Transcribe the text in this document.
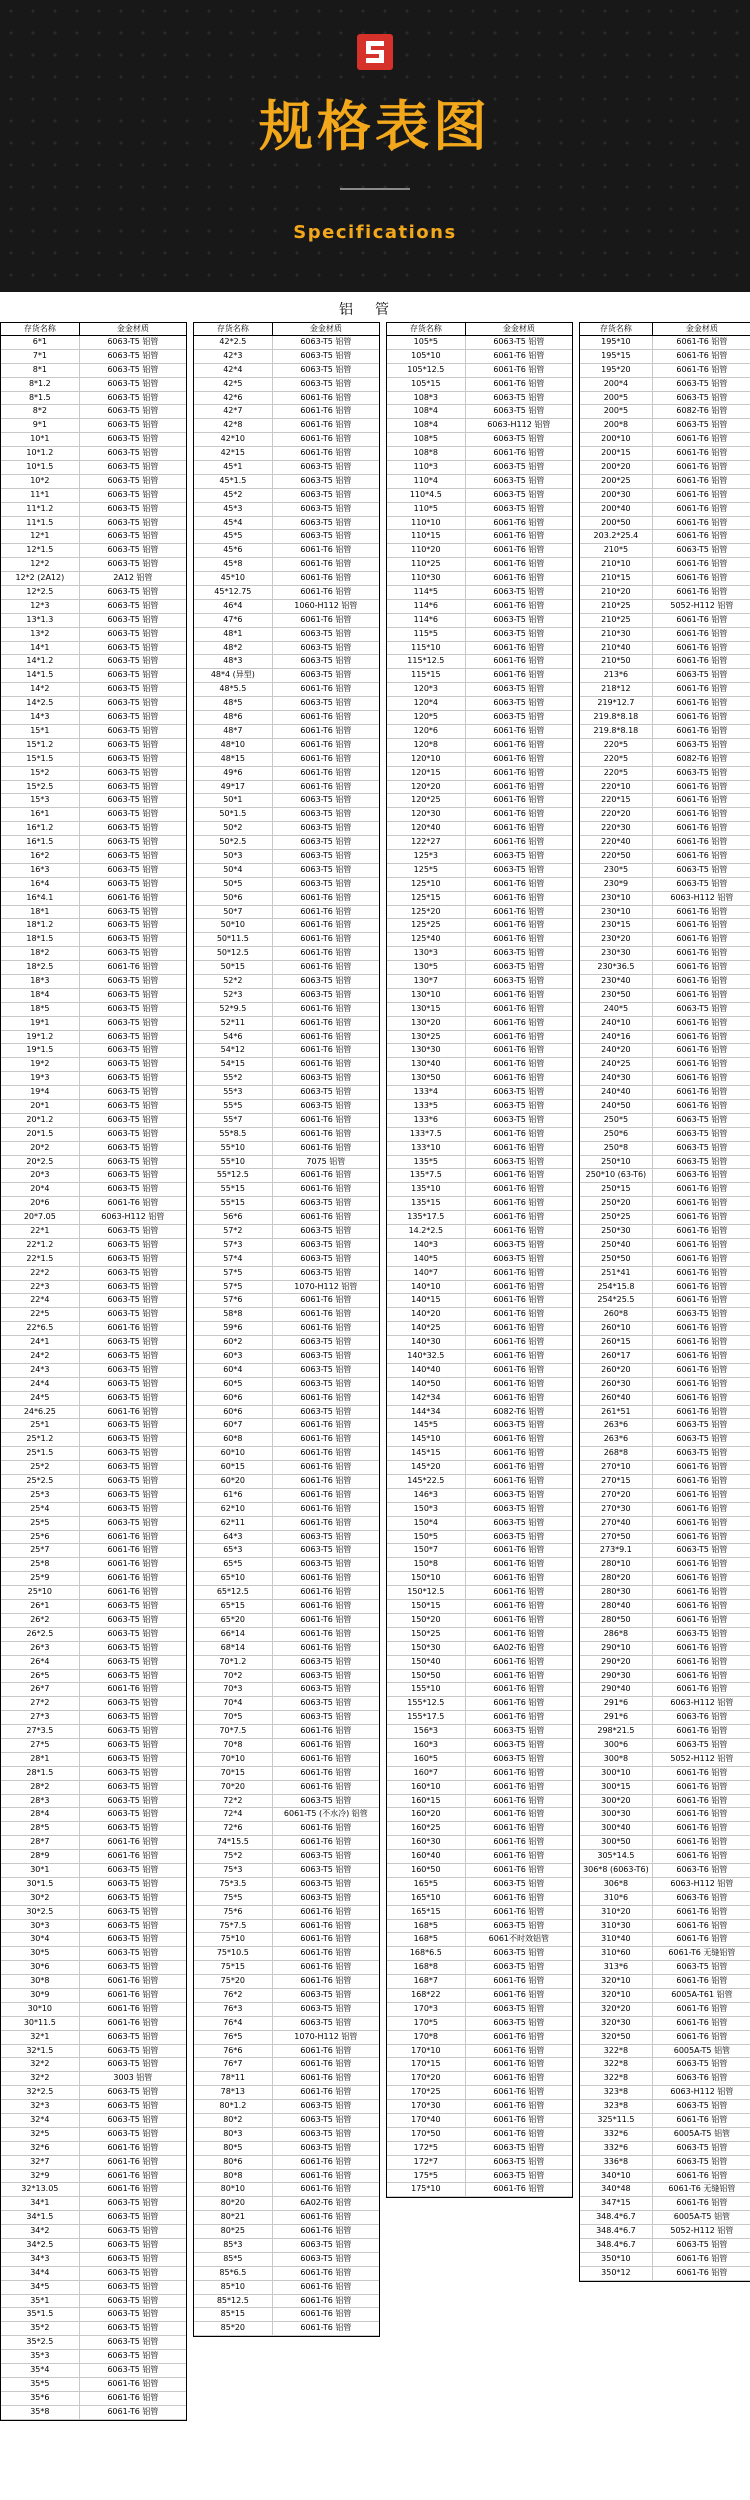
规格表图
Specifications
铝管
存货名称	金金材质
6*1	6063-T5 铝管
7*1	6063-T5 铝管
8*1	6063-T5 铝管
8*1.2	6063-T5 铝管
8*1.5	6063-T5 铝管
8*2	6063-T5 铝管
9*1	6063-T5 铝管
10*1	6063-T5 铝管
10*1.2	6063-T5 铝管
10*1.5	6063-T5 铝管
10*2	6063-T5 铝管
11*1	6063-T5 铝管
11*1.2	6063-T5 铝管
11*1.5	6063-T5 铝管
12*1	6063-T5 铝管
12*1.5	6063-T5 铝管
12*2	6063-T5 铝管
12*2 (2A12)	2A12 铝管
12*2.5	6063-T5 铝管
12*3	6063-T5 铝管
13*1.3	6063-T5 铝管
13*2	6063-T5 铝管
14*1	6063-T5 铝管
14*1.2	6063-T5 铝管
14*1.5	6063-T5 铝管
14*2	6063-T5 铝管
14*2.5	6063-T5 铝管
14*3	6063-T5 铝管
15*1	6063-T5 铝管
15*1.2	6063-T5 铝管
15*1.5	6063-T5 铝管
15*2	6063-T5 铝管
15*2.5	6063-T5 铝管
15*3	6063-T5 铝管
16*1	6063-T5 铝管
16*1.2	6063-T5 铝管
16*1.5	6063-T5 铝管
16*2	6063-T5 铝管
16*3	6063-T5 铝管
16*4	6063-T5 铝管
16*4.1	6061-T6 铝管
18*1	6063-T5 铝管
18*1.2	6063-T5 铝管
18*1.5	6063-T5 铝管
18*2	6063-T5 铝管
18*2.5	6061-T6 铝管
18*3	6063-T5 铝管
18*4	6063-T5 铝管
18*5	6063-T5 铝管
19*1	6063-T5 铝管
19*1.2	6063-T5 铝管
19*1.5	6063-T5 铝管
19*2	6063-T5 铝管
19*3	6063-T5 铝管
19*4	6063-T5 铝管
20*1	6063-T5 铝管
20*1.2	6063-T5 铝管
20*1.5	6063-T5 铝管
20*2	6063-T5 铝管
20*2.5	6063-T5 铝管
20*3	6063-T5 铝管
20*4	6063-T5 铝管
20*6	6061-T6 铝管
20*7.05	6063-H112 铝管
22*1	6063-T5 铝管
22*1.2	6063-T5 铝管
22*1.5	6063-T5 铝管
22*2	6063-T5 铝管
22*3	6063-T5 铝管
22*4	6063-T5 铝管
22*5	6063-T5 铝管
22*6.5	6061-T6 铝管
24*1	6063-T5 铝管
24*2	6063-T5 铝管
24*3	6063-T5 铝管
24*4	6063-T5 铝管
24*5	6063-T5 铝管
24*6.25	6061-T6 铝管
25*1	6063-T5 铝管
25*1.2	6063-T5 铝管
25*1.5	6063-T5 铝管
25*2	6063-T5 铝管
25*2.5	6063-T5 铝管
25*3	6063-T5 铝管
25*4	6063-T5 铝管
25*5	6063-T5 铝管
25*6	6061-T6 铝管
25*7	6061-T6 铝管
25*8	6061-T6 铝管
25*9	6061-T6 铝管
25*10	6061-T6 铝管
26*1	6063-T5 铝管
26*2	6063-T5 铝管
26*2.5	6063-T5 铝管
26*3	6063-T5 铝管
26*4	6063-T5 铝管
26*5	6063-T5 铝管
26*7	6061-T6 铝管
27*2	6063-T5 铝管
27*3	6063-T5 铝管
27*3.5	6063-T5 铝管
27*5	6063-T5 铝管
28*1	6063-T5 铝管
28*1.5	6063-T5 铝管
28*2	6063-T5 铝管
28*3	6063-T5 铝管
28*4	6063-T5 铝管
28*5	6063-T5 铝管
28*7	6061-T6 铝管
28*9	6061-T6 铝管
30*1	6063-T5 铝管
30*1.5	6063-T5 铝管
30*2	6063-T5 铝管
30*2.5	6063-T5 铝管
30*3	6063-T5 铝管
30*4	6063-T5 铝管
30*5	6063-T5 铝管
30*6	6063-T5 铝管
30*8	6061-T6 铝管
30*9	6061-T6 铝管
30*10	6061-T6 铝管
30*11.5	6061-T6 铝管
32*1	6063-T5 铝管
32*1.5	6063-T5 铝管
32*2	6063-T5 铝管
32*2	3003 铝管
32*2.5	6063-T5 铝管
32*3	6063-T5 铝管
32*4	6063-T5 铝管
32*5	6063-T5 铝管
32*6	6061-T6 铝管
32*7	6061-T6 铝管
32*9	6061-T6 铝管
32*13.05	6061-T6 铝管
34*1	6063-T5 铝管
34*1.5	6063-T5 铝管
34*2	6063-T5 铝管
34*2.5	6063-T5 铝管
34*3	6063-T5 铝管
34*4	6063-T5 铝管
34*5	6063-T5 铝管
35*1	6063-T5 铝管
35*1.5	6063-T5 铝管
35*2	6063-T5 铝管
35*2.5	6063-T5 铝管
35*3	6063-T5 铝管
35*4	6063-T5 铝管
35*5	6061-T6 铝管
35*6	6061-T6 铝管
35*8	6061-T6 铝管
存货名称	金金材质
42*2.5	6063-T5 铝管
42*3	6063-T5 铝管
42*4	6063-T5 铝管
42*5	6063-T5 铝管
42*6	6061-T6 铝管
42*7	6061-T6 铝管
42*8	6061-T6 铝管
42*10	6061-T6 铝管
42*15	6061-T6 铝管
45*1	6063-T5 铝管
45*1.5	6063-T5 铝管
45*2	6063-T5 铝管
45*3	6063-T5 铝管
45*4	6063-T5 铝管
45*5	6063-T5 铝管
45*6	6061-T6 铝管
45*8	6061-T6 铝管
45*10	6061-T6 铝管
45*12.75	6061-T6 铝管
46*4	1060-H112 铝管
47*6	6061-T6 铝管
48*1	6063-T5 铝管
48*2	6063-T5 铝管
48*3	6063-T5 铝管
48*4 (异型)	6063-T5 铝管
48*5.5	6061-T6 铝管
48*5	6063-T5 铝管
48*6	6061-T6 铝管
48*7	6061-T6 铝管
48*10	6061-T6 铝管
48*15	6061-T6 铝管
49*6	6061-T6 铝管
49*17	6061-T6 铝管
50*1	6063-T5 铝管
50*1.5	6063-T5 铝管
50*2	6063-T5 铝管
50*2.5	6063-T5 铝管
50*3	6063-T5 铝管
50*4	6063-T5 铝管
50*5	6063-T5 铝管
50*6	6061-T6 铝管
50*7	6061-T6 铝管
50*10	6061-T6 铝管
50*11.5	6061-T6 铝管
50*12.5	6061-T6 铝管
50*15	6061-T6 铝管
52*2	6063-T5 铝管
52*3	6063-T5 铝管
52*9.5	6061-T6 铝管
52*11	6061-T6 铝管
54*6	6061-T6 铝管
54*12	6061-T6 铝管
54*15	6061-T6 铝管
55*2	6063-T5 铝管
55*3	6063-T5 铝管
55*5	6063-T5 铝管
55*7	6061-T6 铝管
55*8.5	6061-T6 铝管
55*10	6061-T6 铝管
55*10	7075 铝管
55*12.5	6061-T6 铝管
55*15	6061-T6 铝管
55*15	6063-T5 铝管
56*6	6061-T6 铝管
57*2	6063-T5 铝管
57*3	6063-T5 铝管
57*4	6063-T5 铝管
57*5	6063-T5 铝管
57*5	1070-H112 铝管
57*6	6061-T6 铝管
58*8	6061-T6 铝管
59*6	6061-T6 铝管
60*2	6063-T5 铝管
60*3	6063-T5 铝管
60*4	6063-T5 铝管
60*5	6063-T5 铝管
60*6	6061-T6 铝管
60*6	6063-T5 铝管
60*7	6061-T6 铝管
60*8	6061-T6 铝管
60*10	6061-T6 铝管
60*15	6061-T6 铝管
60*20	6061-T6 铝管
61*6	6061-T6 铝管
62*10	6061-T6 铝管
62*11	6061-T6 铝管
64*3	6063-T5 铝管
65*3	6063-T5 铝管
65*5	6063-T5 铝管
65*10	6061-T6 铝管
65*12.5	6061-T6 铝管
65*15	6061-T6 铝管
65*20	6061-T6 铝管
66*14	6061-T6 铝管
68*14	6061-T6 铝管
70*1.2	6063-T5 铝管
70*2	6063-T5 铝管
70*3	6063-T5 铝管
70*4	6063-T5 铝管
70*5	6063-T5 铝管
70*7.5	6061-T6 铝管
70*8	6061-T6 铝管
70*10	6061-T6 铝管
70*15	6061-T6 铝管
70*20	6061-T6 铝管
72*2	6063-T5 铝管
72*4	6061-T5 (不水冷) 铝管
72*6	6061-T6 铝管
74*15.5	6061-T6 铝管
75*2	6063-T5 铝管
75*3	6063-T5 铝管
75*3.5	6063-T5 铝管
75*5	6063-T5 铝管
75*6	6061-T6 铝管
75*7.5	6061-T6 铝管
75*10	6061-T6 铝管
75*10.5	6061-T6 铝管
75*15	6061-T6 铝管
75*20	6061-T6 铝管
76*2	6063-T5 铝管
76*3	6063-T5 铝管
76*4	6063-T5 铝管
76*5	1070-H112 铝管
76*6	6061-T6 铝管
76*7	6061-T6 铝管
78*11	6061-T6 铝管
78*13	6061-T6 铝管
80*1.2	6063-T5 铝管
80*2	6063-T5 铝管
80*3	6063-T5 铝管
80*5	6063-T5 铝管
80*6	6061-T6 铝管
80*8	6061-T6 铝管
80*10	6061-T6 铝管
80*20	6A02-T6 铝管
80*21	6061-T6 铝管
80*25	6061-T6 铝管
85*3	6063-T5 铝管
85*5	6063-T5 铝管
85*6.5	6061-T6 铝管
85*10	6061-T6 铝管
85*12.5	6061-T6 铝管
85*15	6061-T6 铝管
85*20	6061-T6 铝管
存货名称	金金材质
105*5	6063-T5 铝管
105*10	6061-T6 铝管
105*12.5	6061-T6 铝管
105*15	6061-T6 铝管
108*3	6063-T5 铝管
108*4	6063-T5 铝管
108*4	6063-H112 铝管
108*5	6063-T5 铝管
108*8	6061-T6 铝管
110*3	6063-T5 铝管
110*4	6063-T5 铝管
110*4.5	6063-T5 铝管
110*5	6063-T5 铝管
110*10	6061-T6 铝管
110*15	6061-T6 铝管
110*20	6061-T6 铝管
110*25	6061-T6 铝管
110*30	6061-T6 铝管
114*5	6063-T5 铝管
114*6	6061-T6 铝管
114*6	6063-T5 铝管
115*5	6063-T5 铝管
115*10	6061-T6 铝管
115*12.5	6061-T6 铝管
115*15	6061-T6 铝管
120*3	6063-T5 铝管
120*4	6063-T5 铝管
120*5	6063-T5 铝管
120*6	6061-T6 铝管
120*8	6061-T6 铝管
120*10	6061-T6 铝管
120*15	6061-T6 铝管
120*20	6061-T6 铝管
120*25	6061-T6 铝管
120*30	6061-T6 铝管
120*40	6061-T6 铝管
122*27	6061-T6 铝管
125*3	6063-T5 铝管
125*5	6063-T5 铝管
125*10	6061-T6 铝管
125*15	6061-T6 铝管
125*20	6061-T6 铝管
125*25	6061-T6 铝管
125*40	6061-T6 铝管
130*3	6063-T5 铝管
130*5	6063-T5 铝管
130*7	6063-T5 铝管
130*10	6061-T6 铝管
130*15	6061-T6 铝管
130*20	6061-T6 铝管
130*25	6061-T6 铝管
130*30	6061-T6 铝管
130*40	6061-T6 铝管
130*50	6061-T6 铝管
133*4	6063-T5 铝管
133*5	6063-T5 铝管
133*6	6063-T5 铝管
133*7.5	6061-T6 铝管
133*10	6061-T6 铝管
135*5	6063-T5 铝管
135*7.5	6061-T6 铝管
135*10	6061-T6 铝管
135*15	6061-T6 铝管
135*17.5	6061-T6 铝管
14.2*2.5	6061-T6 铝管
140*3	6063-T5 铝管
140*5	6063-T5 铝管
140*7	6061-T6 铝管
140*10	6061-T6 铝管
140*15	6061-T6 铝管
140*20	6061-T6 铝管
140*25	6061-T6 铝管
140*30	6061-T6 铝管
140*32.5	6061-T6 铝管
140*40	6061-T6 铝管
140*50	6061-T6 铝管
142*34	6061-T6 铝管
144*34	6082-T6 铝管
145*5	6063-T5 铝管
145*10	6061-T6 铝管
145*15	6061-T6 铝管
145*20	6061-T6 铝管
145*22.5	6061-T6 铝管
146*3	6063-T5 铝管
150*3	6063-T5 铝管
150*4	6063-T5 铝管
150*5	6063-T5 铝管
150*7	6061-T6 铝管
150*8	6061-T6 铝管
150*10	6061-T6 铝管
150*12.5	6061-T6 铝管
150*15	6061-T6 铝管
150*20	6061-T6 铝管
150*25	6061-T6 铝管
150*30	6A02-T6 铝管
150*40	6061-T6 铝管
150*50	6061-T6 铝管
155*10	6061-T6 铝管
155*12.5	6061-T6 铝管
155*17.5	6061-T6 铝管
156*3	6063-T5 铝管
160*3	6063-T5 铝管
160*5	6063-T5 铝管
160*7	6061-T6 铝管
160*10	6061-T6 铝管
160*15	6061-T6 铝管
160*20	6061-T6 铝管
160*25	6061-T6 铝管
160*30	6061-T6 铝管
160*40	6061-T6 铝管
160*50	6061-T6 铝管
165*5	6063-T5 铝管
165*10	6061-T6 铝管
165*15	6061-T6 铝管
168*5	6063-T5 铝管
168*5	6061不时效铝管
168*6.5	6063-T5 铝管
168*8	6063-T5 铝管
168*7	6061-T6 铝管
168*22	6061-T6 铝管
170*3	6063-T5 铝管
170*5	6063-T5 铝管
170*8	6061-T6 铝管
170*10	6061-T6 铝管
170*15	6061-T6 铝管
170*20	6061-T6 铝管
170*25	6061-T6 铝管
170*30	6061-T6 铝管
170*40	6061-T6 铝管
170*50	6061-T6 铝管
172*5	6063-T5 铝管
172*7	6063-T5 铝管
175*5	6063-T5 铝管
175*10	6061-T6 铝管
存货名称	金金材质
195*10	6061-T6 铝管
195*15	6061-T6 铝管
195*20	6061-T6 铝管
200*4	6063-T5 铝管
200*5	6063-T5 铝管
200*5	6082-T6 铝管
200*8	6063-T5 铝管
200*10	6061-T6 铝管
200*15	6061-T6 铝管
200*20	6061-T6 铝管
200*25	6061-T6 铝管
200*30	6061-T6 铝管
200*40	6061-T6 铝管
200*50	6061-T6 铝管
203.2*25.4	6061-T6 铝管
210*5	6063-T5 铝管
210*10	6061-T6 铝管
210*15	6061-T6 铝管
210*20	6061-T6 铝管
210*25	5052-H112 铝管
210*25	6061-T6 铝管
210*30	6061-T6 铝管
210*40	6061-T6 铝管
210*50	6061-T6 铝管
213*6	6063-T5 铝管
218*12	6061-T6 铝管
219*12.7	6061-T6 铝管
219.8*8.18	6061-T6 铝管
219.8*8.18	6061-T6 铝管
220*5	6063-T5 铝管
220*5	6082-T6 铝管
220*5	6063-T5 铝管
220*10	6061-T6 铝管
220*15	6061-T6 铝管
220*20	6061-T6 铝管
220*30	6061-T6 铝管
220*40	6061-T6 铝管
220*50	6061-T6 铝管
230*5	6063-T5 铝管
230*9	6063-T5 铝管
230*10	6063-H112 铝管
230*10	6061-T6 铝管
230*15	6061-T6 铝管
230*20	6061-T6 铝管
230*30	6061-T6 铝管
230*36.5	6061-T6 铝管
230*40	6061-T6 铝管
230*50	6061-T6 铝管
240*5	6063-T5 铝管
240*10	6061-T6 铝管
240*16	6061-T6 铝管
240*20	6061-T6 铝管
240*25	6061-T6 铝管
240*30	6061-T6 铝管
240*40	6061-T6 铝管
240*50	6061-T6 铝管
250*5	6063-T5 铝管
250*6	6063-T5 铝管
250*8	6063-T5 铝管
250*10	6063-T5 铝管
250*10 (63-T6)	6063-T6 铝管
250*15	6061-T6 铝管
250*20	6061-T6 铝管
250*25	6061-T6 铝管
250*30	6061-T6 铝管
250*40	6061-T6 铝管
250*50	6061-T6 铝管
251*41	6061-T6 铝管
254*15.8	6061-T6 铝管
254*25.5	6061-T6 铝管
260*8	6063-T5 铝管
260*10	6061-T6 铝管
260*15	6061-T6 铝管
260*17	6061-T6 铝管
260*20	6061-T6 铝管
260*30	6061-T6 铝管
260*40	6061-T6 铝管
261*51	6061-T6 铝管
263*6	6063-T5 铝管
263*6	6063-T5 铝管
268*8	6063-T5 铝管
270*10	6061-T6 铝管
270*15	6061-T6 铝管
270*20	6061-T6 铝管
270*30	6061-T6 铝管
270*40	6061-T6 铝管
270*50	6061-T6 铝管
273*9.1	6063-T5 铝管
280*10	6061-T6 铝管
280*20	6061-T6 铝管
280*30	6061-T6 铝管
280*40	6061-T6 铝管
280*50	6061-T6 铝管
286*8	6063-T5 铝管
290*10	6061-T6 铝管
290*20	6061-T6 铝管
290*30	6061-T6 铝管
290*40	6061-T6 铝管
291*6	6063-H112 铝管
291*6	6063-T6 铝管
298*21.5	6061-T6 铝管
300*6	6063-T5 铝管
300*8	5052-H112 铝管
300*10	6061-T6 铝管
300*15	6061-T6 铝管
300*20	6061-T6 铝管
300*30	6061-T6 铝管
300*40	6061-T6 铝管
300*50	6061-T6 铝管
305*14.5	6061-T6 铝管
306*8 (6063-T6)	6063-T6 铝管
306*8	6063-H112 铝管
310*6	6063-T6 铝管
310*20	6061-T6 铝管
310*30	6061-T6 铝管
310*40	6061-T6 铝管
310*60	6061-T6 无缝铝管
313*6	6063-T5 铝管
320*10	6061-T6 铝管
320*10	6005A-T61 铝管
320*20	6061-T6 铝管
320*30	6061-T6 铝管
320*50	6061-T6 铝管
322*8	6005A-T5 铝管
322*8	6063-T5 铝管
322*8	6063-T6 铝管
323*8	6063-H112 铝管
323*8	6063-T5 铝管
325*11.5	6061-T6 铝管
332*6	6005A-T5 铝管
332*6	6063-T5 铝管
336*8	6063-T5 铝管
340*10	6061-T6 铝管
340*48	6061-T6 无缝铝管
347*15	6061-T6 铝管
348.4*6.7	6005A-T5 铝管
348.4*6.7	5052-H112 铝管
348.4*6.7	6063-T5 铝管
350*10	6061-T6 铝管
350*12	6061-T6 铝管
